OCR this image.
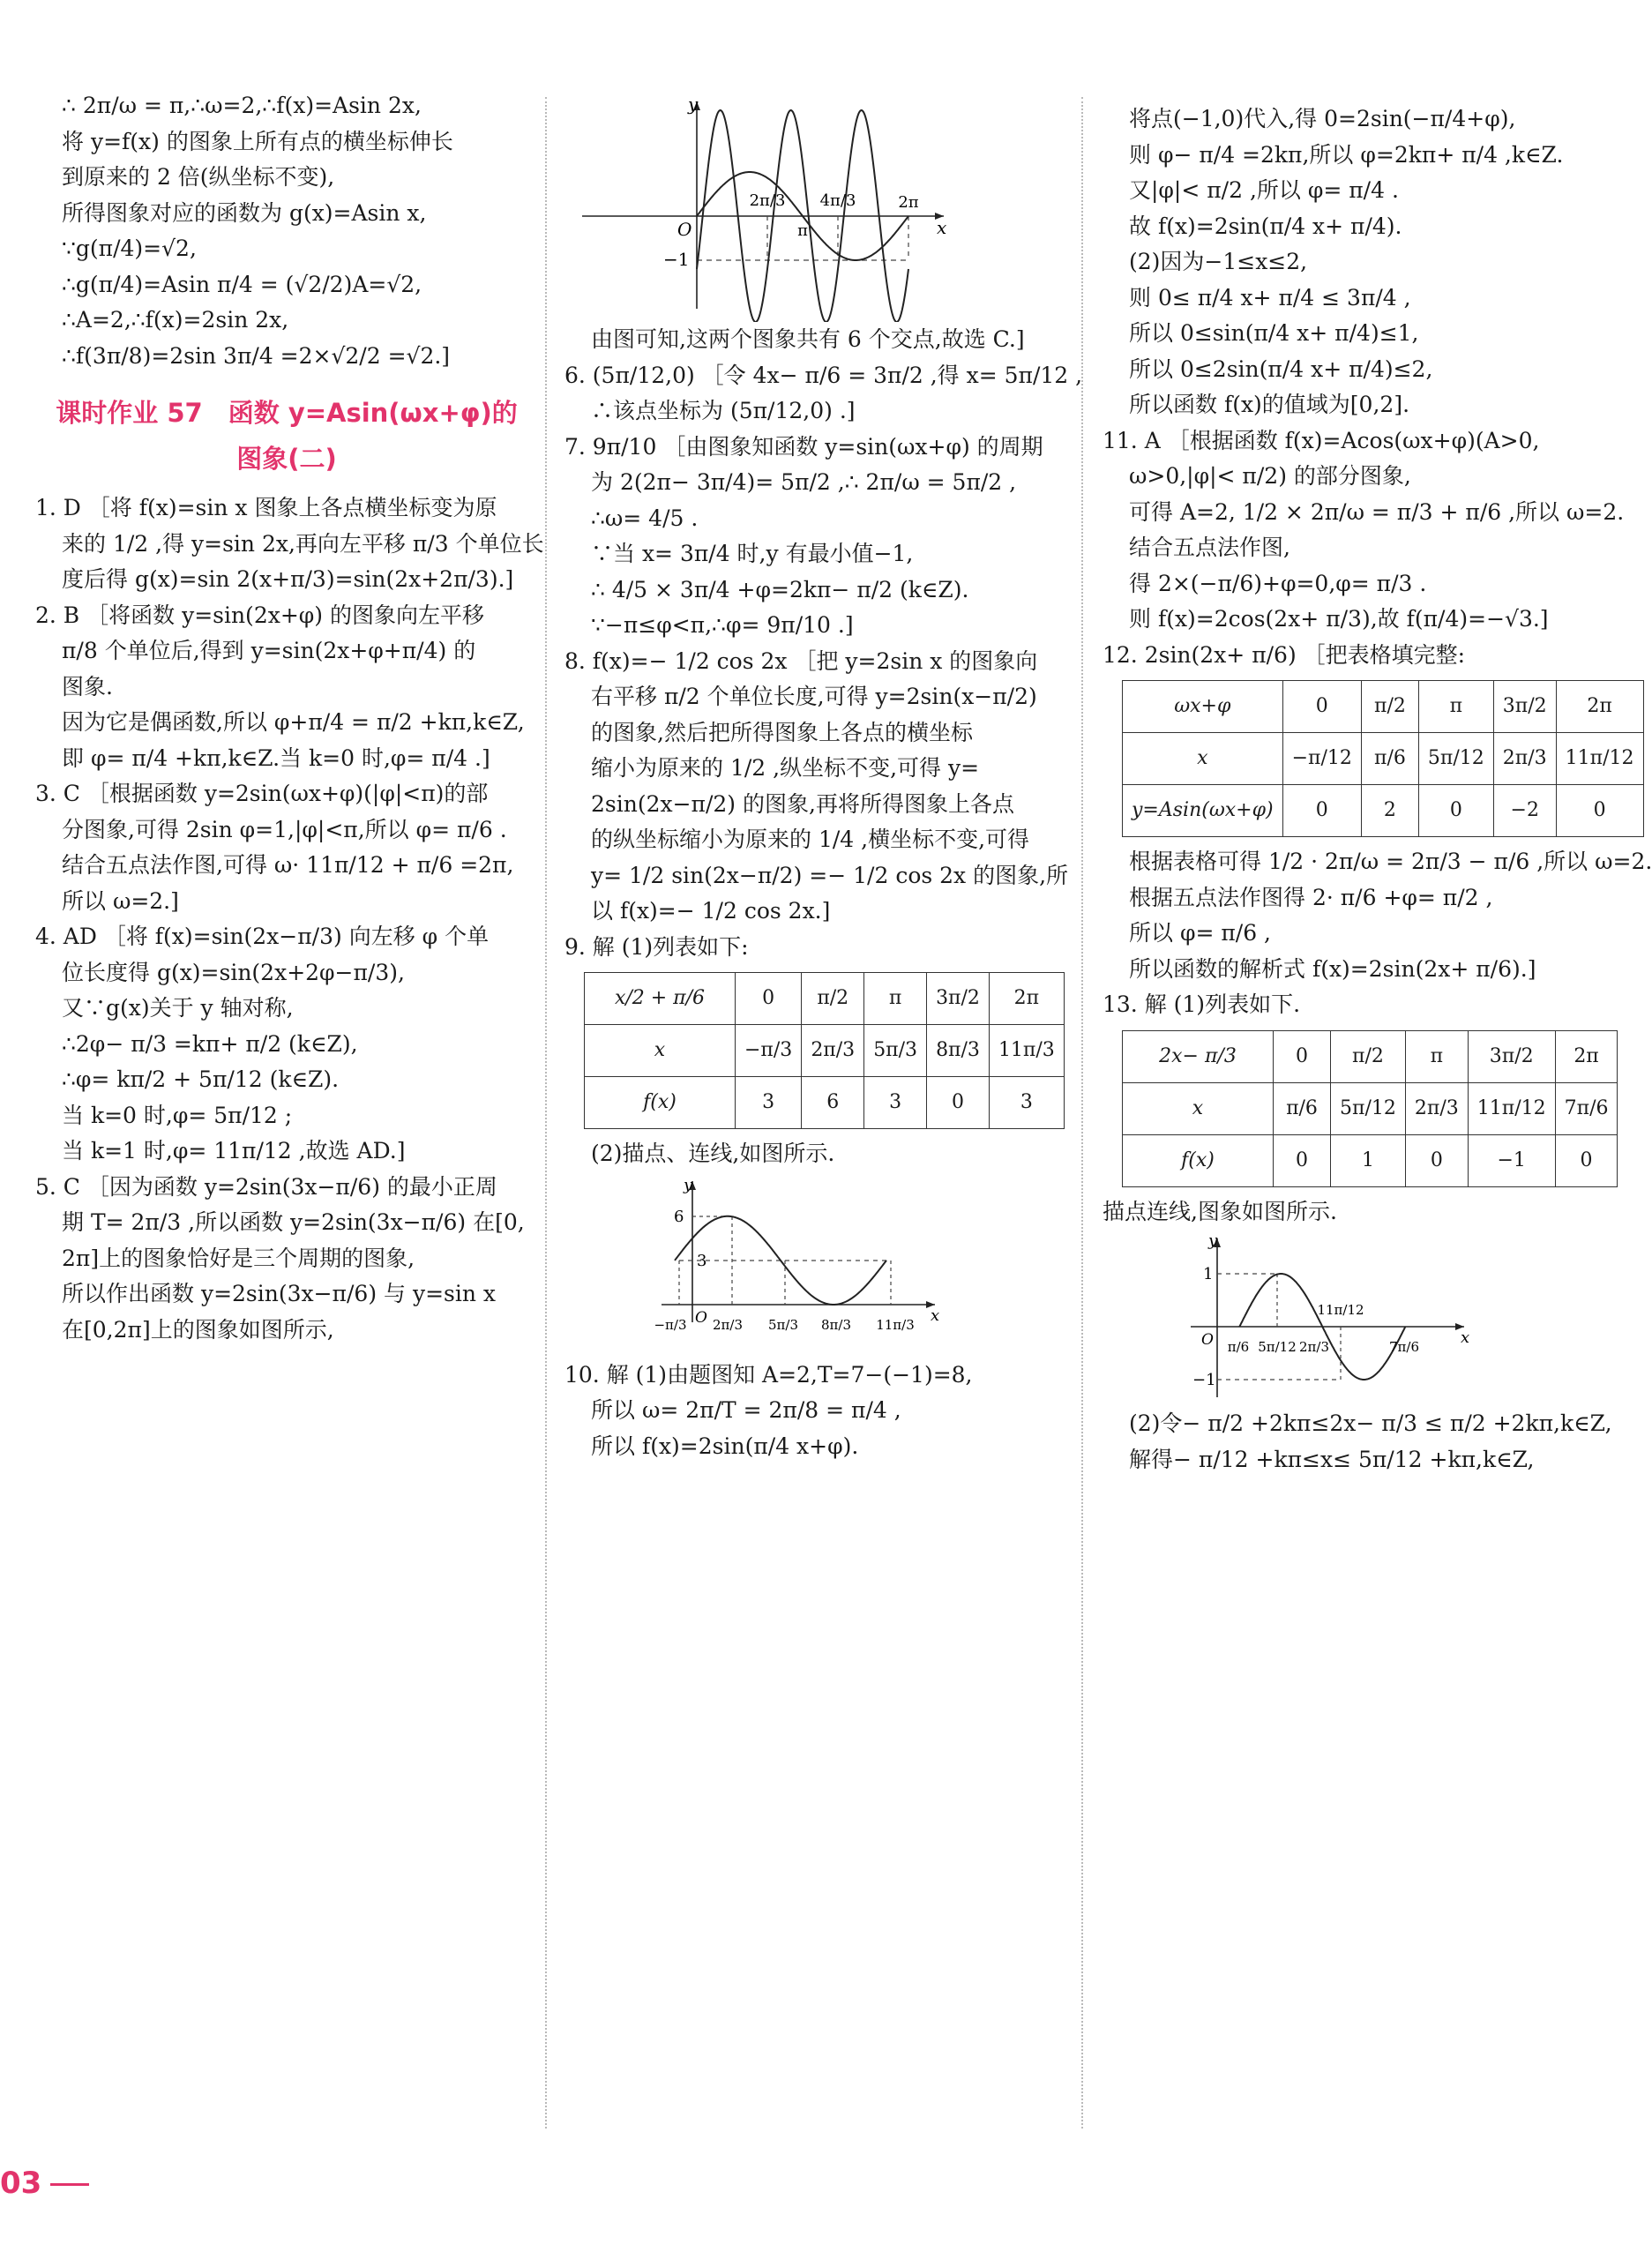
∴ 2π/ω = π,∴ω=2,∴f(x)=Asin 2x,

将 y=f(x) 的图象上所有点的横坐标伸长

到原来的 2 倍(纵坐标不变),

所得图象对应的函数为 g(x)=Asin x,

∵g(π/4)=√2,

∴g(π/4)=Asin π/4 = (√2/2)A=√2,

∴A=2,∴f(x)=2sin 2x,

∴f(3π/8)=2sin 3π/4 =2×√2/2 =√2.]

课时作业 57　函数 y=Asin(ωx+φ)的
图象(二)

1. D ［将 f(x)=sin x 图象上各点横坐标变为原

来的 1/2 ,得 y=sin 2x,再向左平移 π/3 个单位长

度后得 g(x)=sin 2(x+π/3)=sin(2x+2π/3).]

2. B ［将函数 y=sin(2x+φ) 的图象向左平移

π/8 个单位后,得到 y=sin(2x+φ+π/4) 的

图象.

因为它是偶函数,所以 φ+π/4 = π/2 +kπ,k∈Z,

即 φ= π/4 +kπ,k∈Z.当 k=0 时,φ= π/4 .]

3. C ［根据函数 y=2sin(ωx+φ)(|φ|<π)的部

分图象,可得 2sin φ=1,|φ|<π,所以 φ= π/6 .

结合五点法作图,可得 ω· 11π/12 + π/6 =2π,

所以 ω=2.]

4. AD ［将 f(x)=sin(2x−π/3) 向左移 φ 个单

位长度得 g(x)=sin(2x+2φ−π/3),

又∵g(x)关于 y 轴对称,

∴2φ− π/3 =kπ+ π/2 (k∈Z),

∴φ= kπ/2 + 5π/12 (k∈Z).

当 k=0 时,φ= 5π/12 ;

当 k=1 时,φ= 11π/12 ,故选 AD.]

5. C ［因为函数 y=2sin(3x−π/6) 的最小正周

期 T= 2π/3 ,所以函数 y=2sin(3x−π/6) 在[0,

2π]上的图象恰好是三个周期的图象,

所以作出函数 y=2sin(3x−π/6) 与 y=sin x

在[0,2π]上的图象如图所示,

y
x
O
−1
2π/3
π
4π/3	2π

由图可知,这两个图象共有 6 个交点,故选 C.]

6. (5π/12,0) ［令 4x− π/6 = 3π/2 ,得 x= 5π/12 ,

∴该点坐标为 (5π/12,0) .]

7. 9π/10 ［由图象知函数 y=sin(ωx+φ) 的周期

为 2(2π− 3π/4)= 5π/2 ,∴ 2π/ω = 5π/2 ,

∴ω= 4/5 .

∵当 x= 3π/4 时,y 有最小值−1,

∴ 4/5 × 3π/4 +φ=2kπ− π/2 (k∈Z).

∵−π≤φ<π,∴φ= 9π/10 .]

8. f(x)=− 1/2 cos 2x ［把 y=2sin x 的图象向

右平移 π/2 个单位长度,可得 y=2sin(x−π/2)

的图象,然后把所得图象上各点的横坐标

缩小为原来的 1/2 ,纵坐标不变,可得 y=

2sin(2x−π/2) 的图象,再将所得图象上各点

的纵坐标缩小为原来的 1/4 ,横坐标不变,可得

y= 1/2 sin(2x−π/2) =− 1/2 cos 2x 的图象,所

以 f(x)=− 1/2 cos 2x.]

9. 解 (1)列表如下:

x/2 + π/6	0	π/2	π	3π/2	2π
x	−π/3	2π/3	5π/3	8π/3	11π/3
f(x)	3	6	3	0	3

(2)描点、连线,如图所示.

y
x
6
3
O
−π/3 2π/3 5π/3 8π/3 11π/3

10. 解 (1)由题图知 A=2,T=7−(−1)=8,

所以 ω= 2π/T = 2π/8 = π/4 ,

所以 f(x)=2sin(π/4 x+φ).

将点(−1,0)代入,得 0=2sin(−π/4+φ),

则 φ− π/4 =2kπ,所以 φ=2kπ+ π/4 ,k∈Z.

又|φ|< π/2 ,所以 φ= π/4 .

故 f(x)=2sin(π/4 x+ π/4).

(2)因为−1≤x≤2,

则 0≤ π/4 x+ π/4 ≤ 3π/4 ,

所以 0≤sin(π/4 x+ π/4)≤1,

所以 0≤2sin(π/4 x+ π/4)≤2,

所以函数 f(x)的值域为[0,2].

11. A ［根据函数 f(x)=Acos(ωx+φ)(A>0,

ω>0,|φ|< π/2) 的部分图象,

可得 A=2, 1/2 × 2π/ω = π/3 + π/6 ,所以 ω=2.

结合五点法作图,

得 2×(−π/6)+φ=0,φ= π/3 .

则 f(x)=2cos(2x+ π/3),故 f(π/4)=−√3.]

12. 2sin(2x+ π/6) ［把表格填完整:

ωx+φ	0	π/2	π	3π/2	2π
x	−π/12	π/6	5π/12	2π/3	11π/12
y=Asin(ωx+φ)	0	2	0	−2	0

根据表格可得 1/2 · 2π/ω = 2π/3 − π/6 ,所以 ω=2.

根据五点法作图得 2· π/6 +φ= π/2 ,

所以 φ= π/6 ,

所以函数的解析式 f(x)=2sin(2x+ π/6).]

13. 解 (1)列表如下.

2x− π/3	0	π/2	π	3π/2	2π
x	π/6	5π/12	2π/3	11π/12	7π/6
f(x)	0	1	0	−1	0

描点连线,图象如图所示.

y
x
1
−1
O π/6 5π/12 2π/3
11π/12
7π/6

(2)令− π/2 +2kπ≤2x− π/3 ≤ π/2 +2kπ,k∈Z,

解得− π/12 +kπ≤x≤ 5π/12 +kπ,k∈Z,

03
